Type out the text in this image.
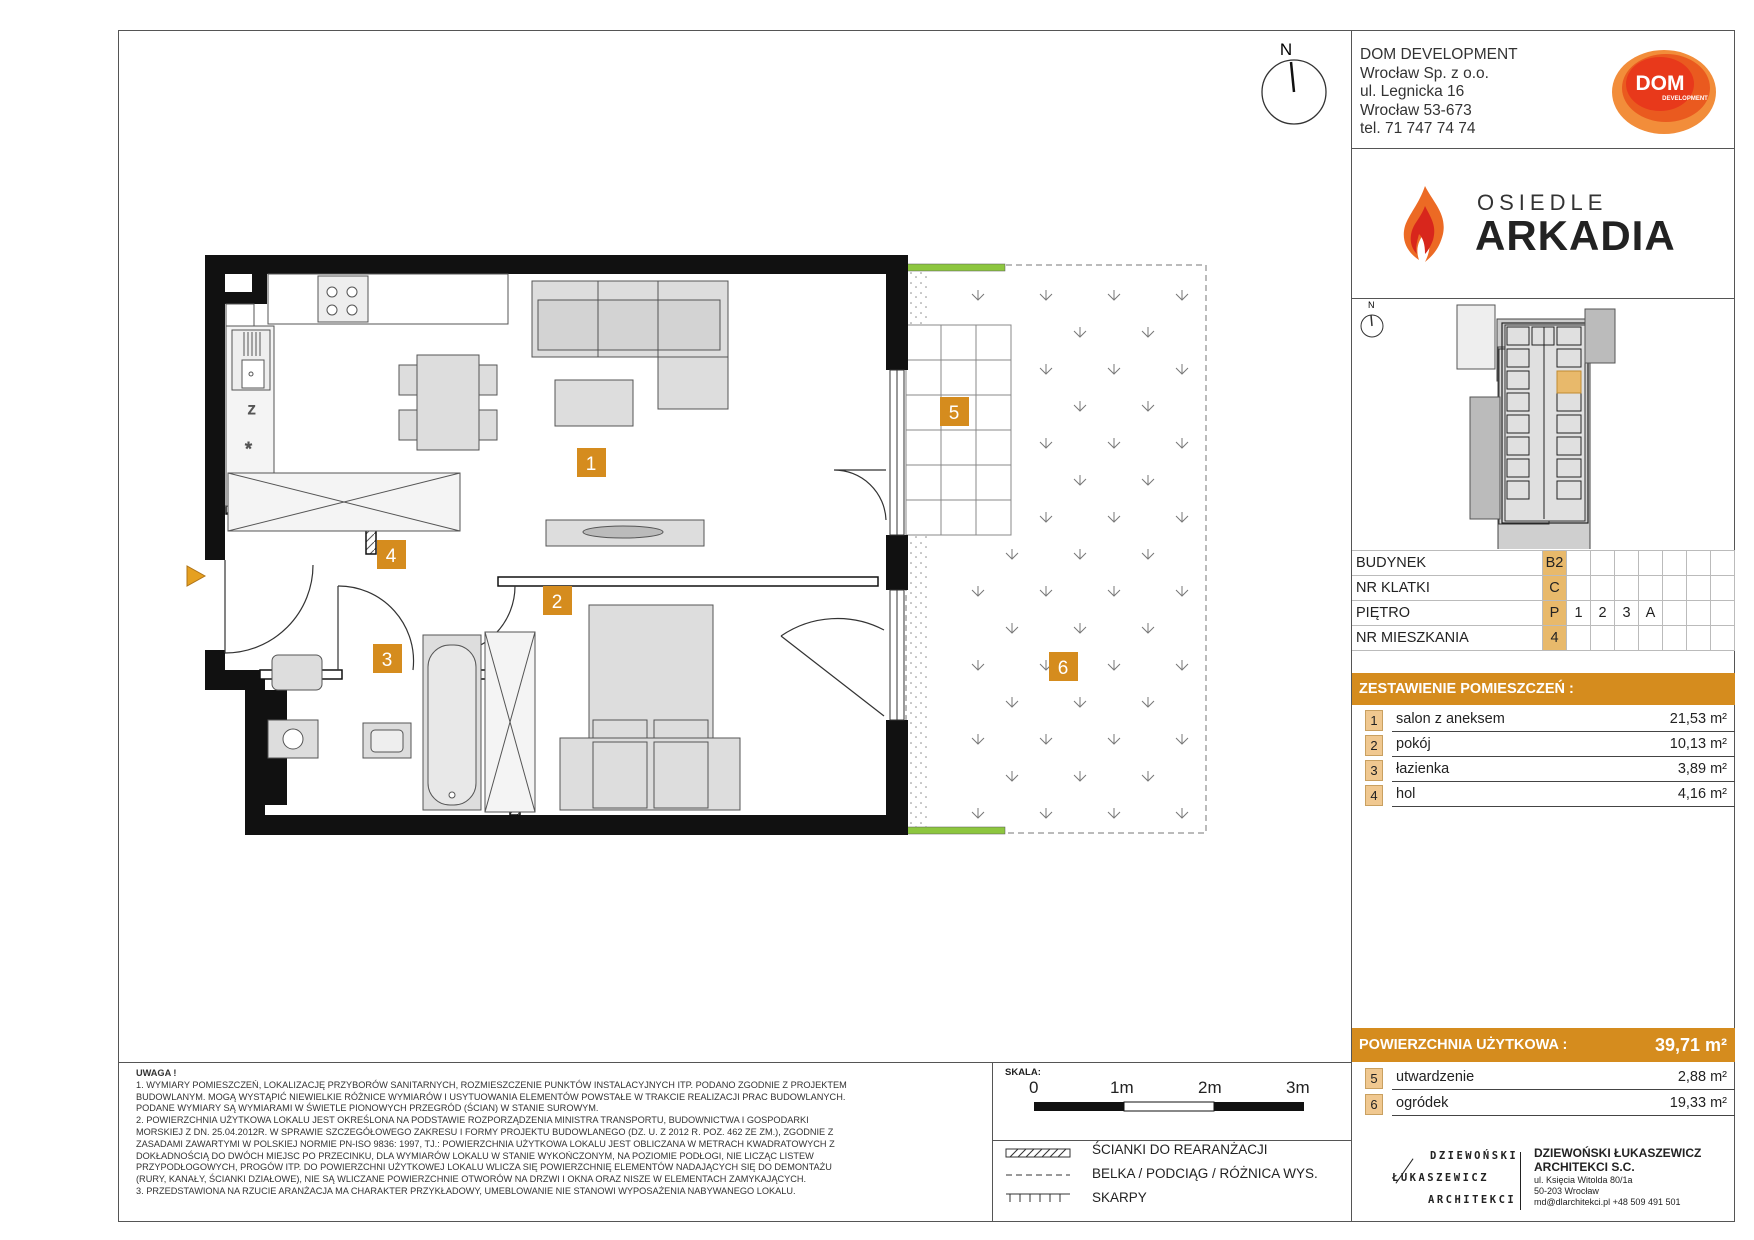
DOM DEVELOPMENT
Wrocław Sp. z o.o.
ul. Legnicka 16
Wrocław 53-673
tel. 71 747 74 74
DOM
DEVELOPMENT
OSIEDLE
ARKADIA
N
BUDYNEK	B2							
NR KLATKI	C							
PIĘTRO	P	1	2	3	A			
NR MIESZKANIA	4							
ZESTAWIENIE POMIESZCZEŃ :
1	salon z aneksem	21,53 m²
2	pokój	10,13 m²
3	łazienka	3,89 m²
4	hol	4,16 m²
POWIERZCHNIA UŻYTKOWA :	39,71 m²
5	utwardzenie	2,88 m²
6	ogródek	19,33 m²
N
Z
*
1
2
3
4
5
6
UWAGA !
1. WYMIARY POMIESZCZEŃ, LOKALIZACJĘ PRZYBORÓW SANITARNYCH, ROZMIESZCZENIE PUNKTÓW INSTALACYJNYCH ITP. PODANO ZGODNIE Z PROJEKTEM
BUDOWLANYM. MOGĄ WYSTĄPIĆ NIEWIELKIE RÓŻNICE WYMIARÓW I USYTUOWANIA ELEMENTÓW POWSTAŁE W TRAKCIE REALIZACJI PRAC BUDOWLANYCH.
PODANE WYMIARY SĄ WYMIARAMI W ŚWIETLE PIONOWYCH PRZEGRÓD (ŚCIAN) W STANIE SUROWYM.
2. POWIERZCHNIA UŻYTKOWA LOKALU JEST OKREŚLONA NA PODSTAWIE ROZPORZĄDZENIA MINISTRA TRANSPORTU, BUDOWNICTWA I GOSPODARKI
MORSKIEJ Z DN. 25.04.2012R. W SPRAWIE SZCZEGÓŁOWEGO ZAKRESU I FORMY PROJEKTU BUDOWLANEGO (DZ. U. Z 2012 R. POZ. 462 ZE ZM.), ZGODNIE Z
ZASADAMI ZAWARTYMI W POLSKIEJ NORMIE PN-ISO 9836: 1997, TJ.: POWIERZCHNIA UŻYTKOWA LOKALU JEST OBLICZANA W METRACH KWADRATOWYCH Z
DOKŁADNOŚCIĄ DO DWÓCH MIEJSC PO PRZECINKU, DLA WYMIARÓW LOKALU W STANIE WYKOŃCZONYM, NA POZIOMIE PODŁOGI, NIE LICZĄC LISTEW
PRZYPODŁOGOWYCH, PROGÓW ITP. DO POWIERZCHNI UŻYTKOWEJ LOKALU WLICZA SIĘ POWIERZCHNIĘ ELEMENTÓW NADAJĄCYCH SIĘ DO DEMONTAŻU
(RURY, KANAŁY, ŚCIANKI DZIAŁOWE), NIE SĄ WLICZANE POWIERZCHNIE OTWORÓW NA DRZWI I OKNA ORAZ NISZE W ELEMENTACH ZAMYKAJĄCYCH.
3. PRZEDSTAWIONA NA RZUCIE ARANŻACJA MA CHARAKTER PRZYKŁADOWY, UMEBLOWANIE NIE STANOWI WYPOSAŻENIA NABYWANEGO LOKALU.
SKALA:
0	1m	2m	3m
ŚCIANKI DO REARANŻACJI
BELKA / PODCIĄG / RÓŻNICA WYS.
SKARPY
DZIEWOŃSKI
ŁUKASZEWICZ
ARCHITEKCI
DZIEWOŃSKI ŁUKASZEWICZ
ARCHITEKCI S.C.
ul. Księcia Witolda 80/1a
50-203 Wrocław
md@dlarchitekci.pl +48 509 491 501
